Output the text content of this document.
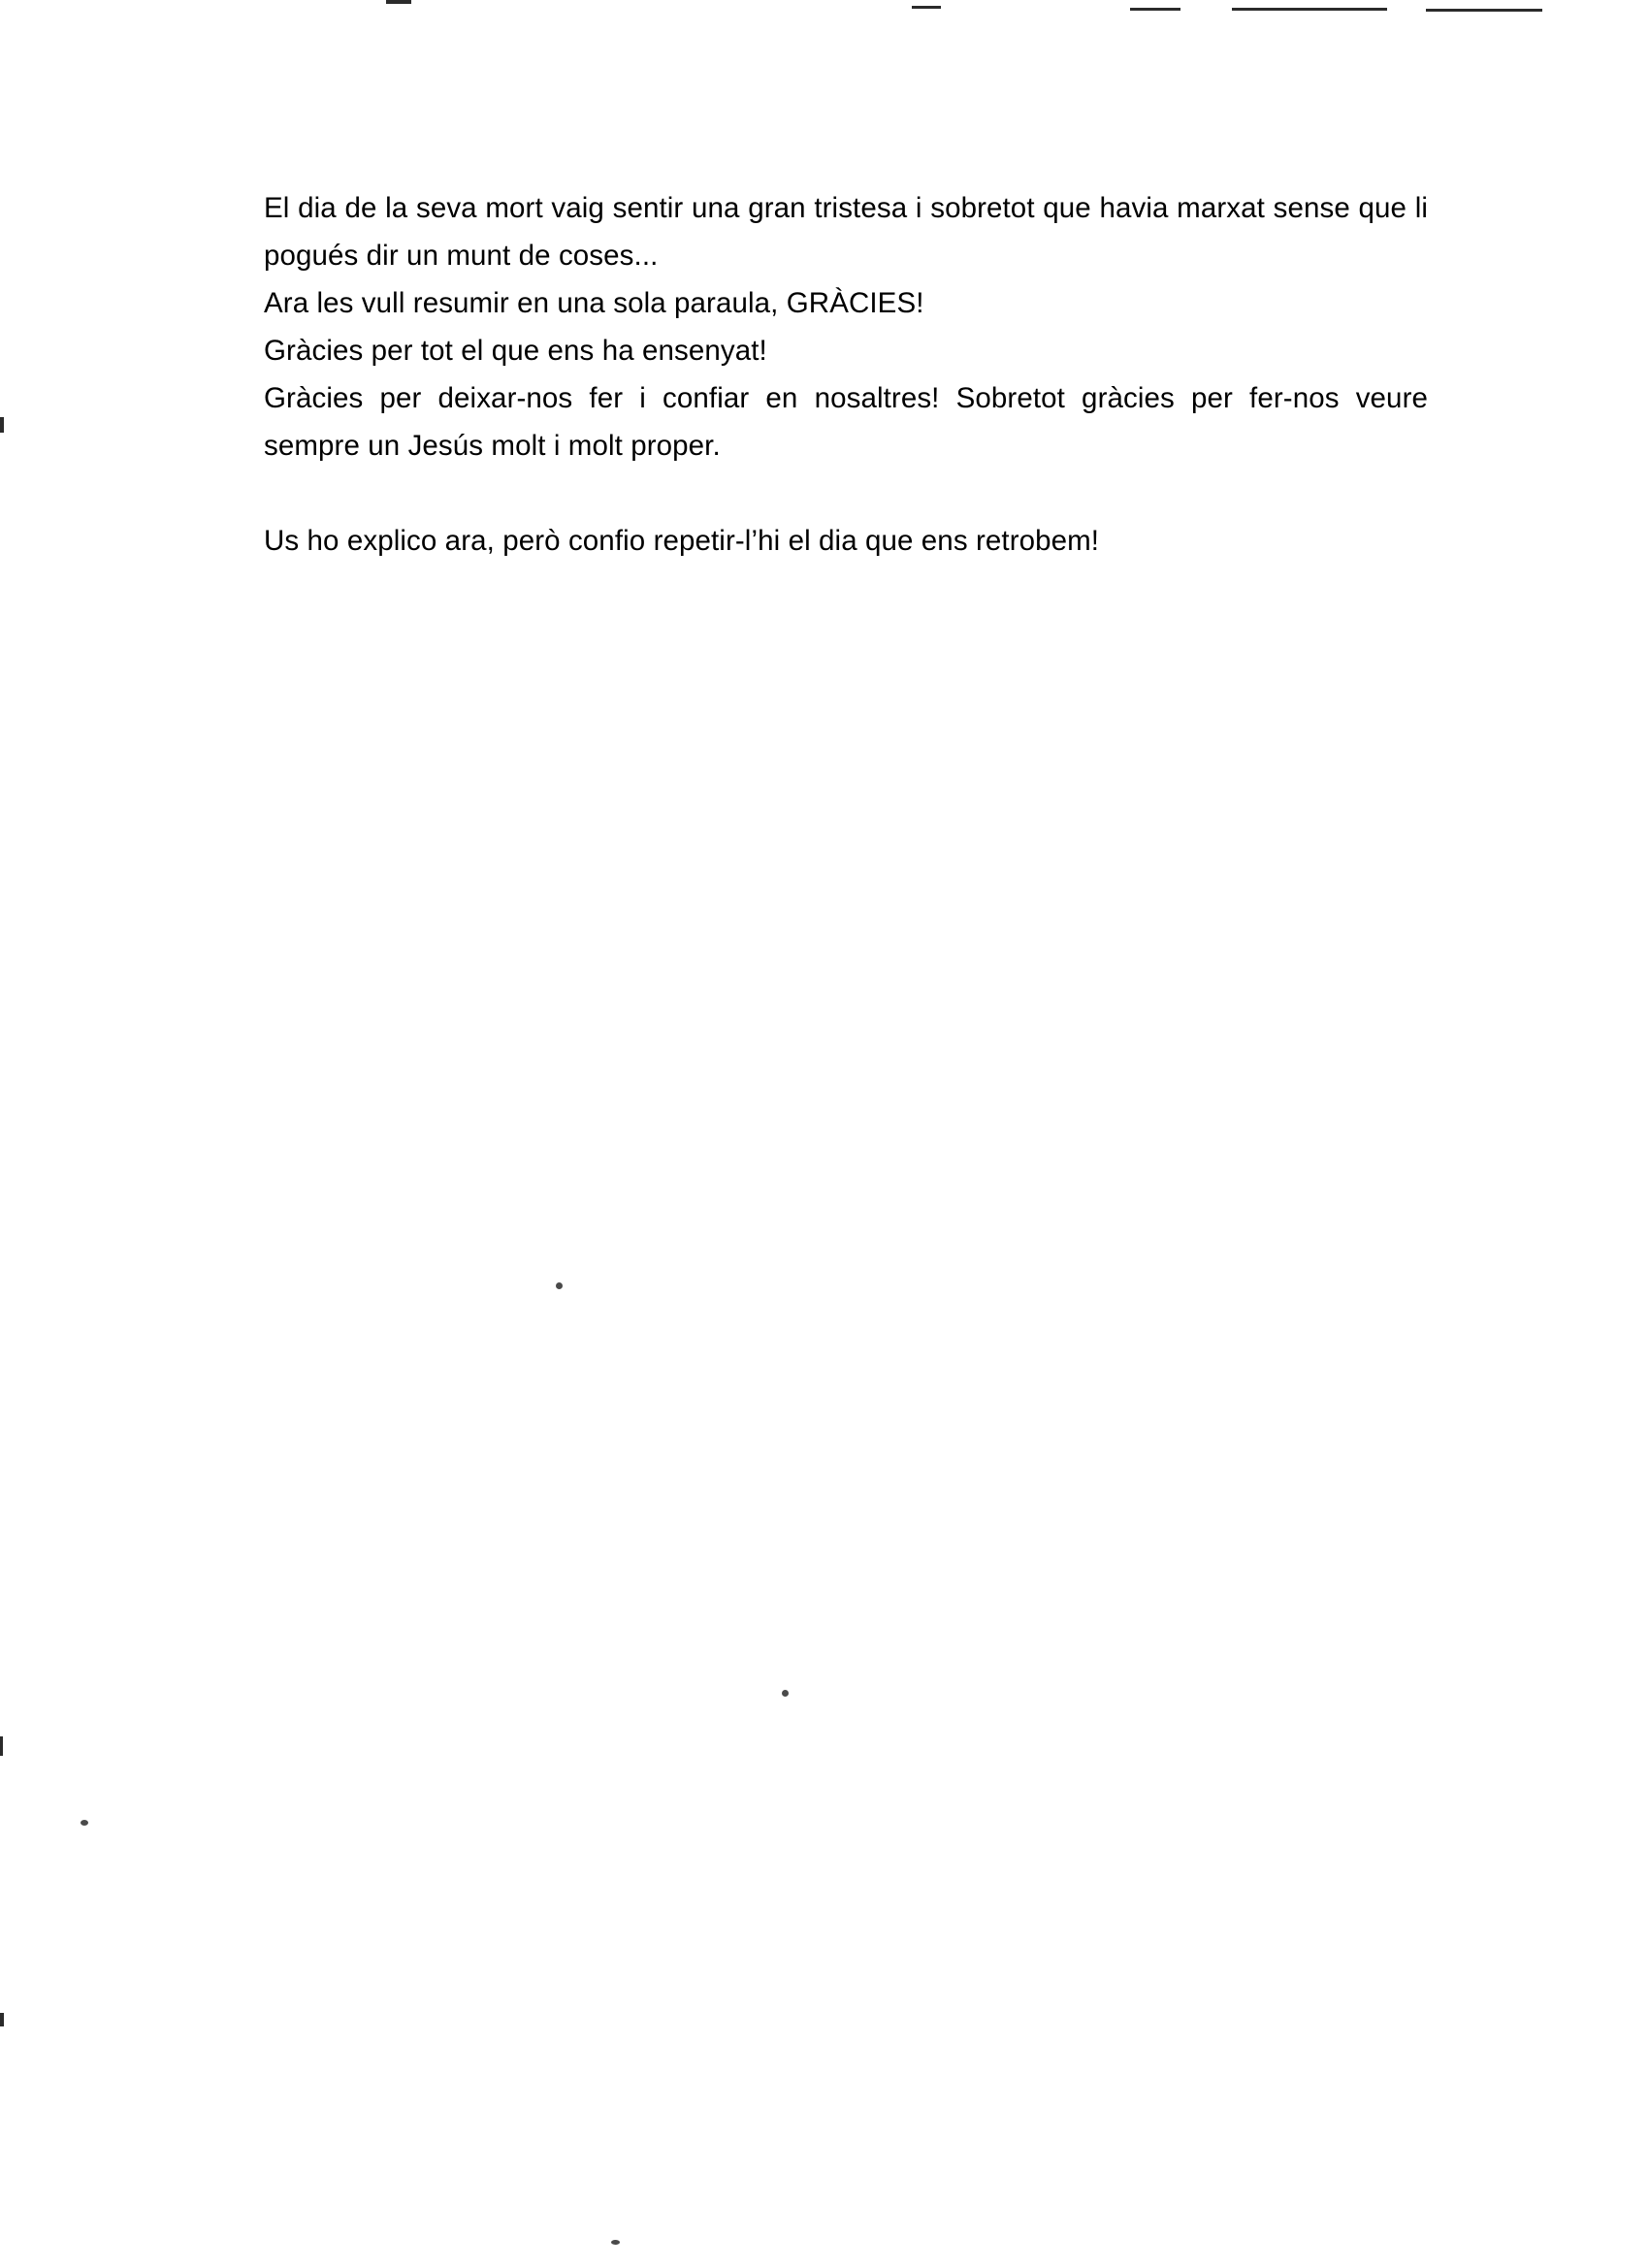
El dia de la seva mort vaig sentir una gran tristesa i sobretot que havia marxat sense que li pogués dir un munt de coses...

Ara les vull resumir en una sola paraula, GRÀCIES!

Gràcies per tot el que ens ha ensenyat!

Gràcies per deixar-nos fer i confiar en nosaltres! Sobretot gràcies per fer-nos veure sempre un Jesús molt i molt proper.

Us ho explico ara, però confio repetir-l’hi el dia que ens retrobem!
